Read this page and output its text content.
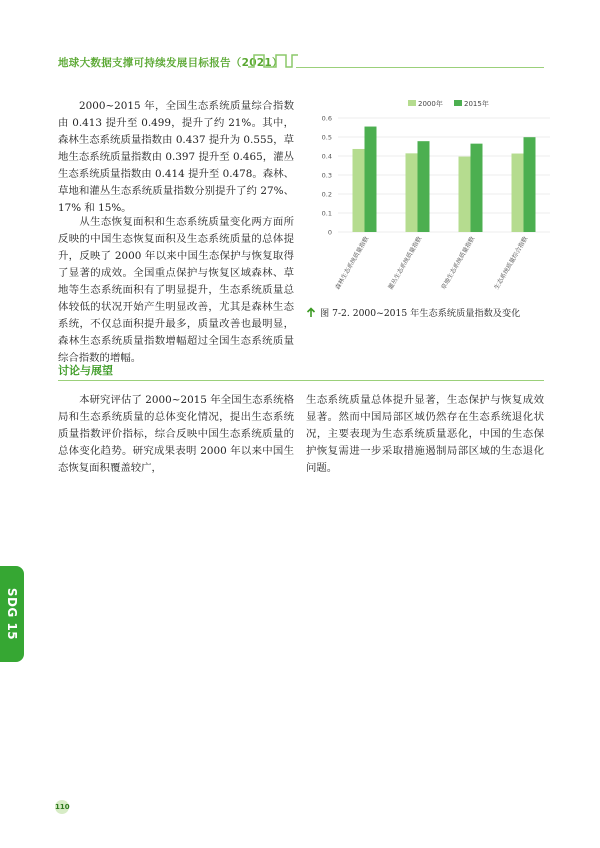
地球大数据支撑可持续发展目标报告（2021）

2000~2015 年，全国生态系统质量综合指数由 0.413 提升至 0.499，提升了约 21%。其中，森林生态系统质量指数由 0.437 提升为 0.555，草地生态系统质量指数由 0.397 提升至 0.465，灌丛生态系统质量指数由 0.414 提升至 0.478。森林、草地和灌丛生态系统质量指数分别提升了约 27%、17% 和 15%。

从生态恢复面积和生态系统质量变化两方面所反映的中国生态恢复面积及生态系统质量的总体提升，反映了 2000 年以来中国生态保护与恢复取得了显著的成效。全国重点保护与恢复区域森林、草地等生态系统面积有了明显提升，生态系统质量总体较低的状况开始产生明显改善，尤其是森林生态系统，不仅总面积提升最多，质量改善也最明显，森林生态系统质量指数增幅超过全国生态系统质量综合指数的增幅。

2000年	2015年
0
0.1
0.2
0.3
0.4
0.5
0.6
森林生态系统质量指数	灌丛生态系统质量指数	草地生态系统质量指数	生态系统质量综合指数
图 7-2. 2000~2015 年生态系统质量指数及变化
讨论与展望

本研究评估了 2000~2015 年全国生态系统格局和生态系统质量的总体变化情况，提出生态系统质量指数评价指标，综合反映中国生态系统质量的总体变化趋势。研究成果表明 2000 年以来中国生态恢复面积覆盖较广，

生态系统质量总体提升显著，生态保护与恢复成效显著。然而中国局部区域仍然存在生态系统退化状况，主要表现为生态系统质量恶化，中国的生态保护恢复需进一步采取措施遏制局部区域的生态退化问题。

SDG 15
110
